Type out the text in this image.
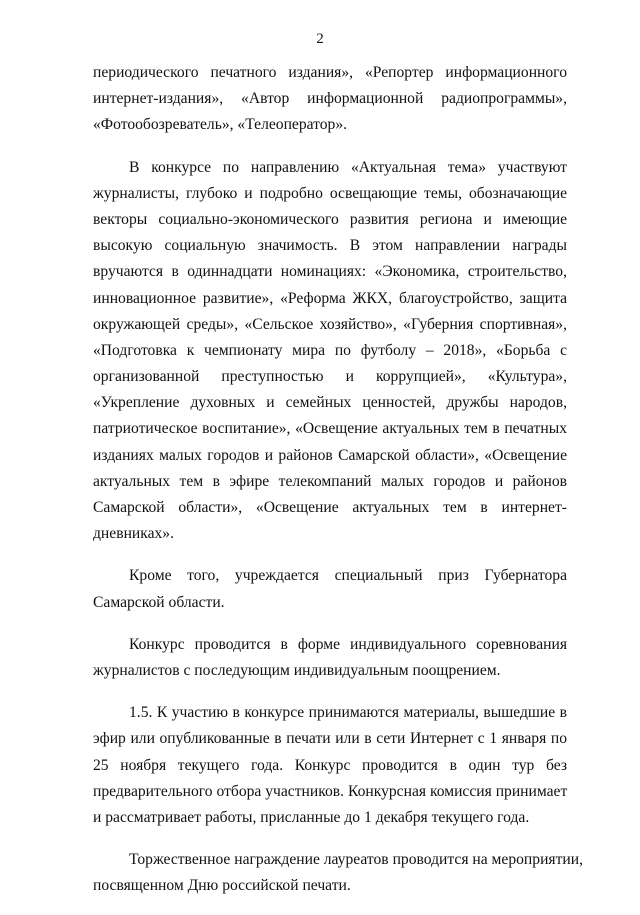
2

периодического печатного издания», «Репортер информационного
интернет-издания», «Автор информационной радиопрограммы»,
«Фотообозреватель», «Телеоператор».

В конкурсе по направлению «Актуальная тема» участвуют
журналисты, глубоко и подробно освещающие темы, обозначающие
векторы социально-экономического развития региона и имеющие
высокую социальную значимость. В этом направлении награды
вручаются в одиннадцати номинациях: «Экономика, строительство,
инновационное развитие», «Реформа ЖКХ, благоустройство, защита
окружающей среды», «Сельское хозяйство», «Губерния спортивная»,
«Подготовка к чемпионату мира по футболу – 2018», «Борьба с
организованной преступностью и коррупцией», «Культура»,
«Укрепление духовных и семейных ценностей, дружбы народов,
патриотическое воспитание», «Освещение актуальных тем в печатных
изданиях малых городов и районов Самарской области», «Освещение
актуальных тем в эфире телекомпаний малых городов и районов
Самарской области», «Освещение актуальных тем в интернет-
дневниках».

Кроме того, учреждается специальный приз Губернатора
Самарской области.

Конкурс проводится в форме индивидуального соревнования
журналистов с последующим индивидуальным поощрением.

1.5. К участию в конкурсе принимаются материалы, вышедшие в
эфир или опубликованные в печати или в сети Интернет с 1 января по
25 ноября текущего года. Конкурс проводится в один тур без
предварительного отбора участников. Конкурсная комиссия принимает
и рассматривает работы, присланные до 1 декабря текущего года.

Торжественное награждение лауреатов проводится на мероприятии,
посвященном Дню российской печати.
